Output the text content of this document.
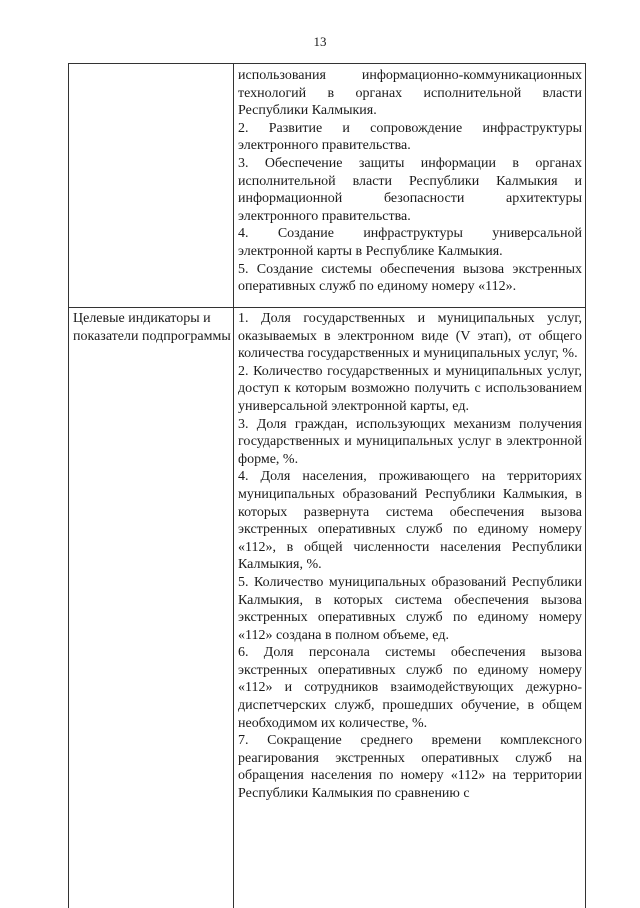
13

использования информационно-коммуникационных технологий в органах исполнительной власти Республики Калмыкия.

2. Развитие и сопровождение инфраструктуры электронного правительства.

3. Обеспечение защиты информации в органах исполнительной власти Республики Калмыкия и информационной безопасности архитектуры электронного правительства.

4. Создание инфраструктуры универсальной электронной карты в Республике Калмыкия.

5. Создание системы обеспечения вызова экстренных оперативных служб по единому номеру «112».

Целевые индикаторы и показатели подпрограммы

1. Доля государственных и муниципальных услуг, оказываемых в электронном виде (V этап), от общего количества государственных и муниципальных услуг, %.

2. Количество государственных и муниципальных услуг, доступ к которым возможно получить с использованием универсальной электронной карты, ед.

3. Доля граждан, использующих механизм получения государственных и муниципальных услуг в электронной форме, %.

4. Доля населения, проживающего на территориях муниципальных образований Республики Калмыкия, в которых развернута система обеспечения вызова экстренных оперативных служб по единому номеру «112», в общей численности населения Республики Калмыкия, %.

5. Количество муниципальных образований Республики Калмыкия, в которых система обеспечения вызова экстренных оперативных служб по единому номеру «112» создана в полном объеме, ед.

6. Доля персонала системы обеспечения вызова экстренных оперативных служб по единому номеру «112» и сотрудников взаимодействующих дежурно-диспетчерских служб, прошедших обучение, в общем необходимом их количестве, %.

7. Сокращение среднего времени комплексного реагирования экстренных оперативных служб на обращения населения по номеру «112» на территории Республики Калмыкия по сравнению с
